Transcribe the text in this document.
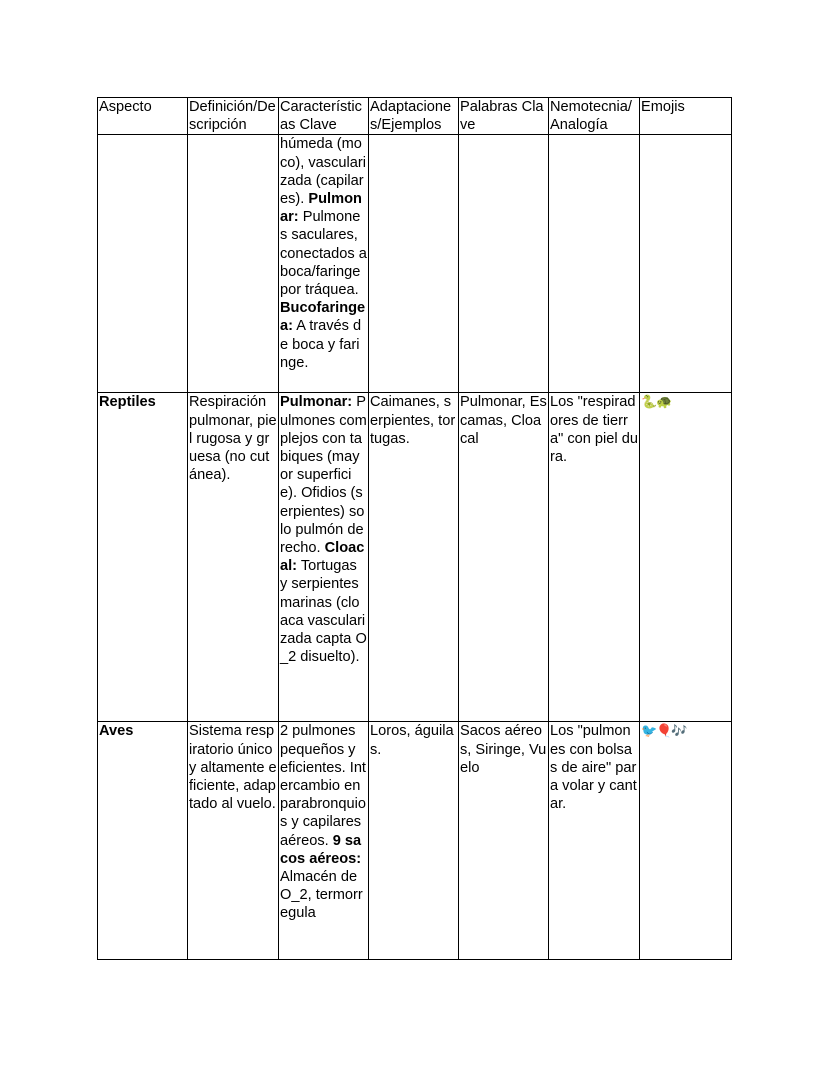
Aspecto	Definición/Descripción	Características Clave	Adaptaciones/Ejemplos	Palabras Clave	Nemotecnia/Analogía	Emojis
		húmeda (moco), vascularizada (capilares). Pulmonar: Pulmones saculares, conectados a boca/faringe por tráquea. Bucofaringea: A través de boca y faringe.				
Reptiles	Respiración pulmonar, piel rugosa y gruesa (no cutánea).	Pulmonar: Pulmones complejos con tabiques (mayor superficie). Ofidios (serpientes) solo pulmón derecho. Cloacal: Tortugas y serpientes marinas (cloaca vascularizada capta O_2 disuelto).	Caimanes, serpientes, tortugas.	Pulmonar, Escamas, Cloacal	Los "respiradores de tierra" con piel dura.	🐍🐢
Aves	Sistema respiratorio único y altamente eficiente, adaptado al vuelo.	2 pulmones pequeños y eficientes. Intercambio en parabronquios y capilares aéreos. 9 sacos aéreos: Almacén de O_2, termorregula	Loros, águilas.	Sacos aéreos, Siringe, Vuelo	Los "pulmones con bolsas de aire" para volar y cantar.	🐦🎈🎶
